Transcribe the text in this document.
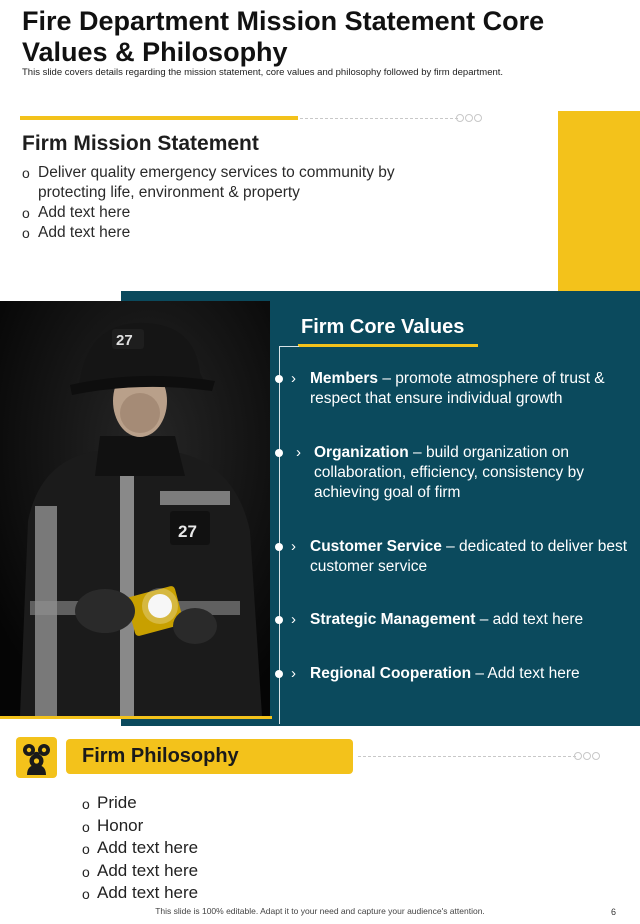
Fire Department Mission Statement Core Values & Philosophy
This slide covers details regarding the mission statement, core values and philosophy followed by firm department.
Firm Mission Statement
o Deliver quality emergency services to community by protecting life, environment & property
o Add text here
o Add text here
27
27
Firm Core Values
› Members – promote atmosphere of trust & respect that ensure individual growth
› Organization – build organization on collaboration, efficiency, consistency by achieving goal of firm
› Customer Service – dedicated to deliver best customer service
› Strategic Management – add text here
› Regional Cooperation – Add text here
Firm Philosophy
o Pride
o Honor
o Add text here
o Add text here
o Add text here
This slide is 100% editable. Adapt it to your need and capture your audience's attention.	6
